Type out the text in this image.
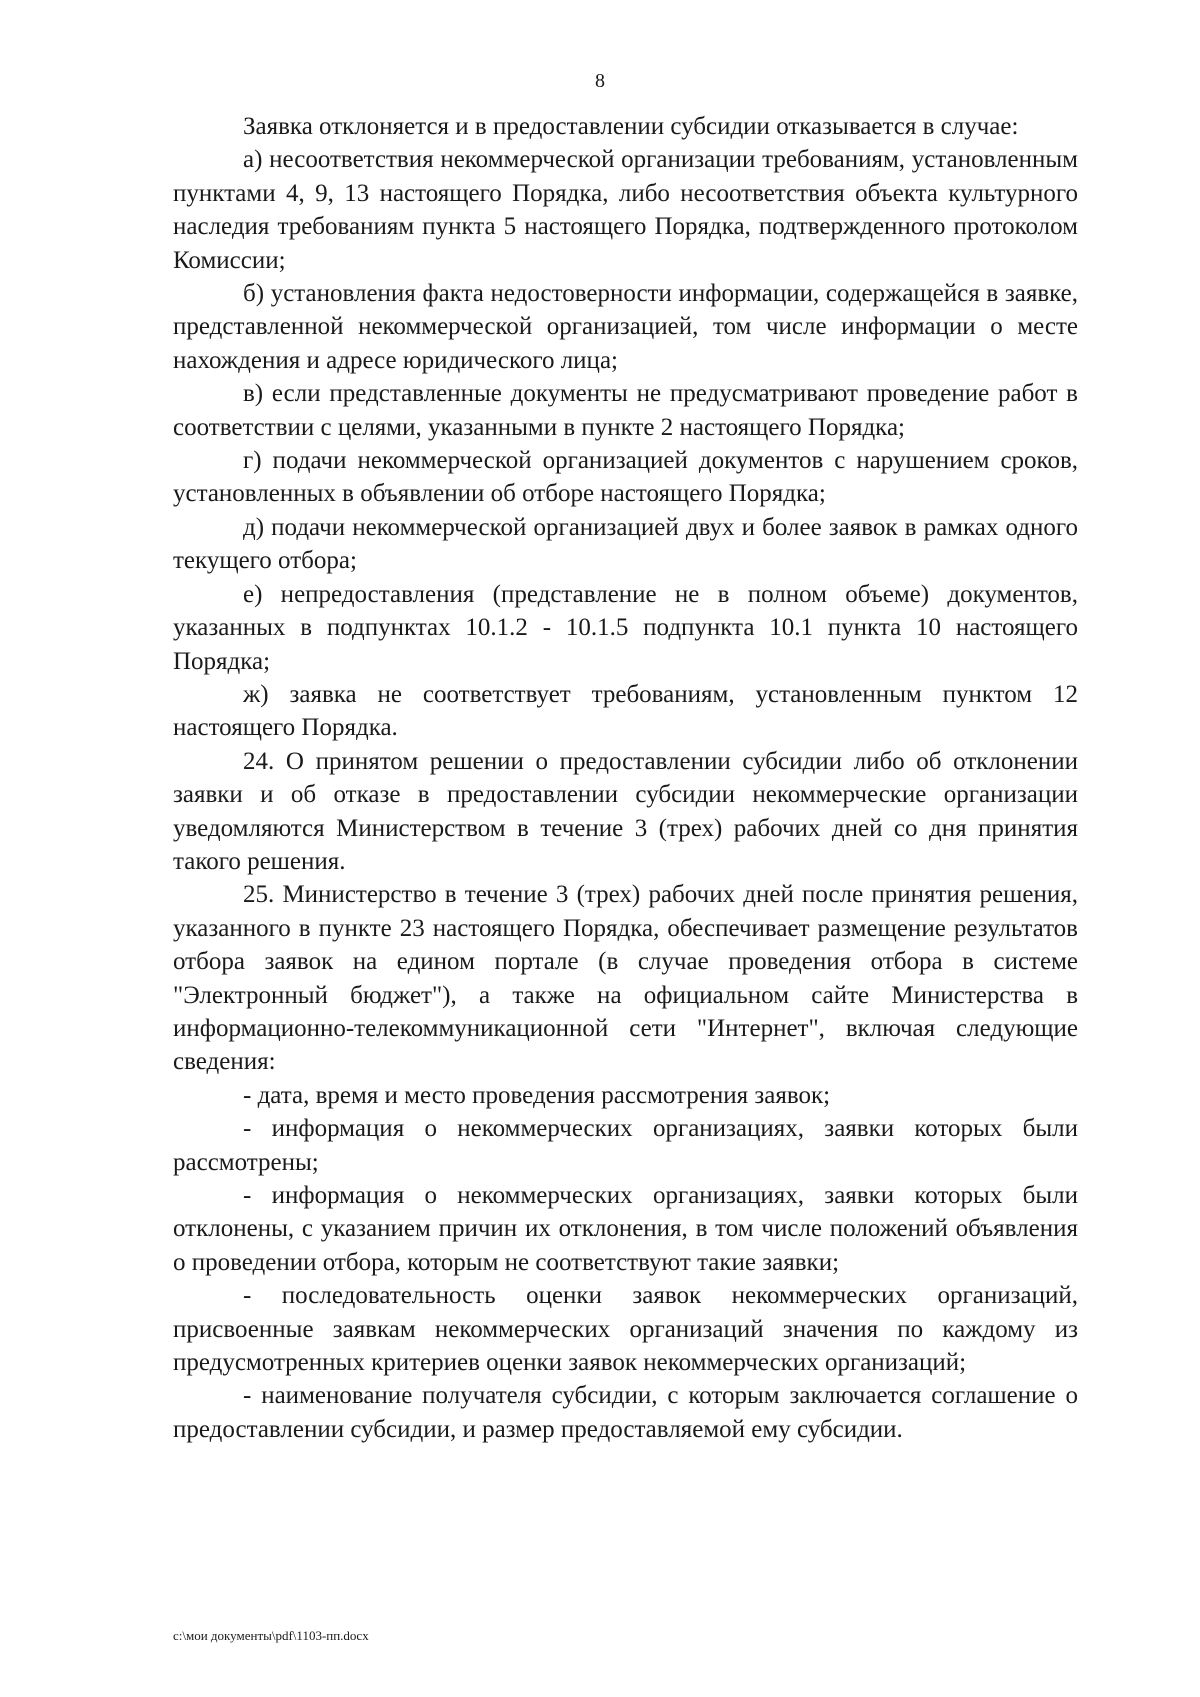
8

Заявка отклоняется и в предоставлении субсидии отказывается в случае:

а) несоответствия некоммерческой организации требованиям, установленным пунктами 4, 9, 13 настоящего Порядка, либо несоответствия объекта культурного наследия требованиям пункта 5 настоящего Порядка, подтвержденного протоколом Комиссии;

б) установления факта недостоверности информации, содержащейся в заявке, представленной некоммерческой организацией, том числе информации о месте нахождения и адресе юридического лица;

в) если представленные документы не предусматривают проведение работ в соответствии с целями, указанными в пункте 2 настоящего Порядка;

г) подачи некоммерческой организацией документов с нарушением сроков, установленных в объявлении об отборе настоящего Порядка;

д) подачи некоммерческой организацией двух и более заявок в рамках одного текущего отбора;

е) непредоставления (представление не в полном объеме) документов, указанных в подпунктах 10.1.2 - 10.1.5 подпункта 10.1 пункта 10 настоящего Порядка;

ж) заявка не соответствует требованиям, установленным пунктом 12 настоящего Порядка.

24. О принятом решении о предоставлении субсидии либо об отклонении заявки и об отказе в предоставлении субсидии некоммерческие организации уведомляются Министерством в течение 3 (трех) рабочих дней со дня принятия такого решения.

25. Министерство в течение 3 (трех) рабочих дней после принятия решения, указанного в пункте 23 настоящего Порядка, обеспечивает размещение результатов отбора заявок на едином портале (в случае проведения отбора в системе "Электронный бюджет"), а также на официальном сайте Министерства в информационно-телекоммуникационной сети "Интернет", включая следующие сведения:

- дата, время и место проведения рассмотрения заявок;

- информация о некоммерческих организациях, заявки которых были рассмотрены;

- информация о некоммерческих организациях, заявки которых были отклонены, с указанием причин их отклонения, в том числе положений объявления о проведении отбора, которым не соответствуют такие заявки;

- последовательность оценки заявок некоммерческих организаций, присвоенные заявкам некоммерческих организаций значения по каждому из предусмотренных критериев оценки заявок некоммерческих организаций;

- наименование получателя субсидии, с которым заключается соглашение о предоставлении субсидии, и размер предоставляемой ему субсидии.

c:\мои документы\pdf\1103-пп.docx
